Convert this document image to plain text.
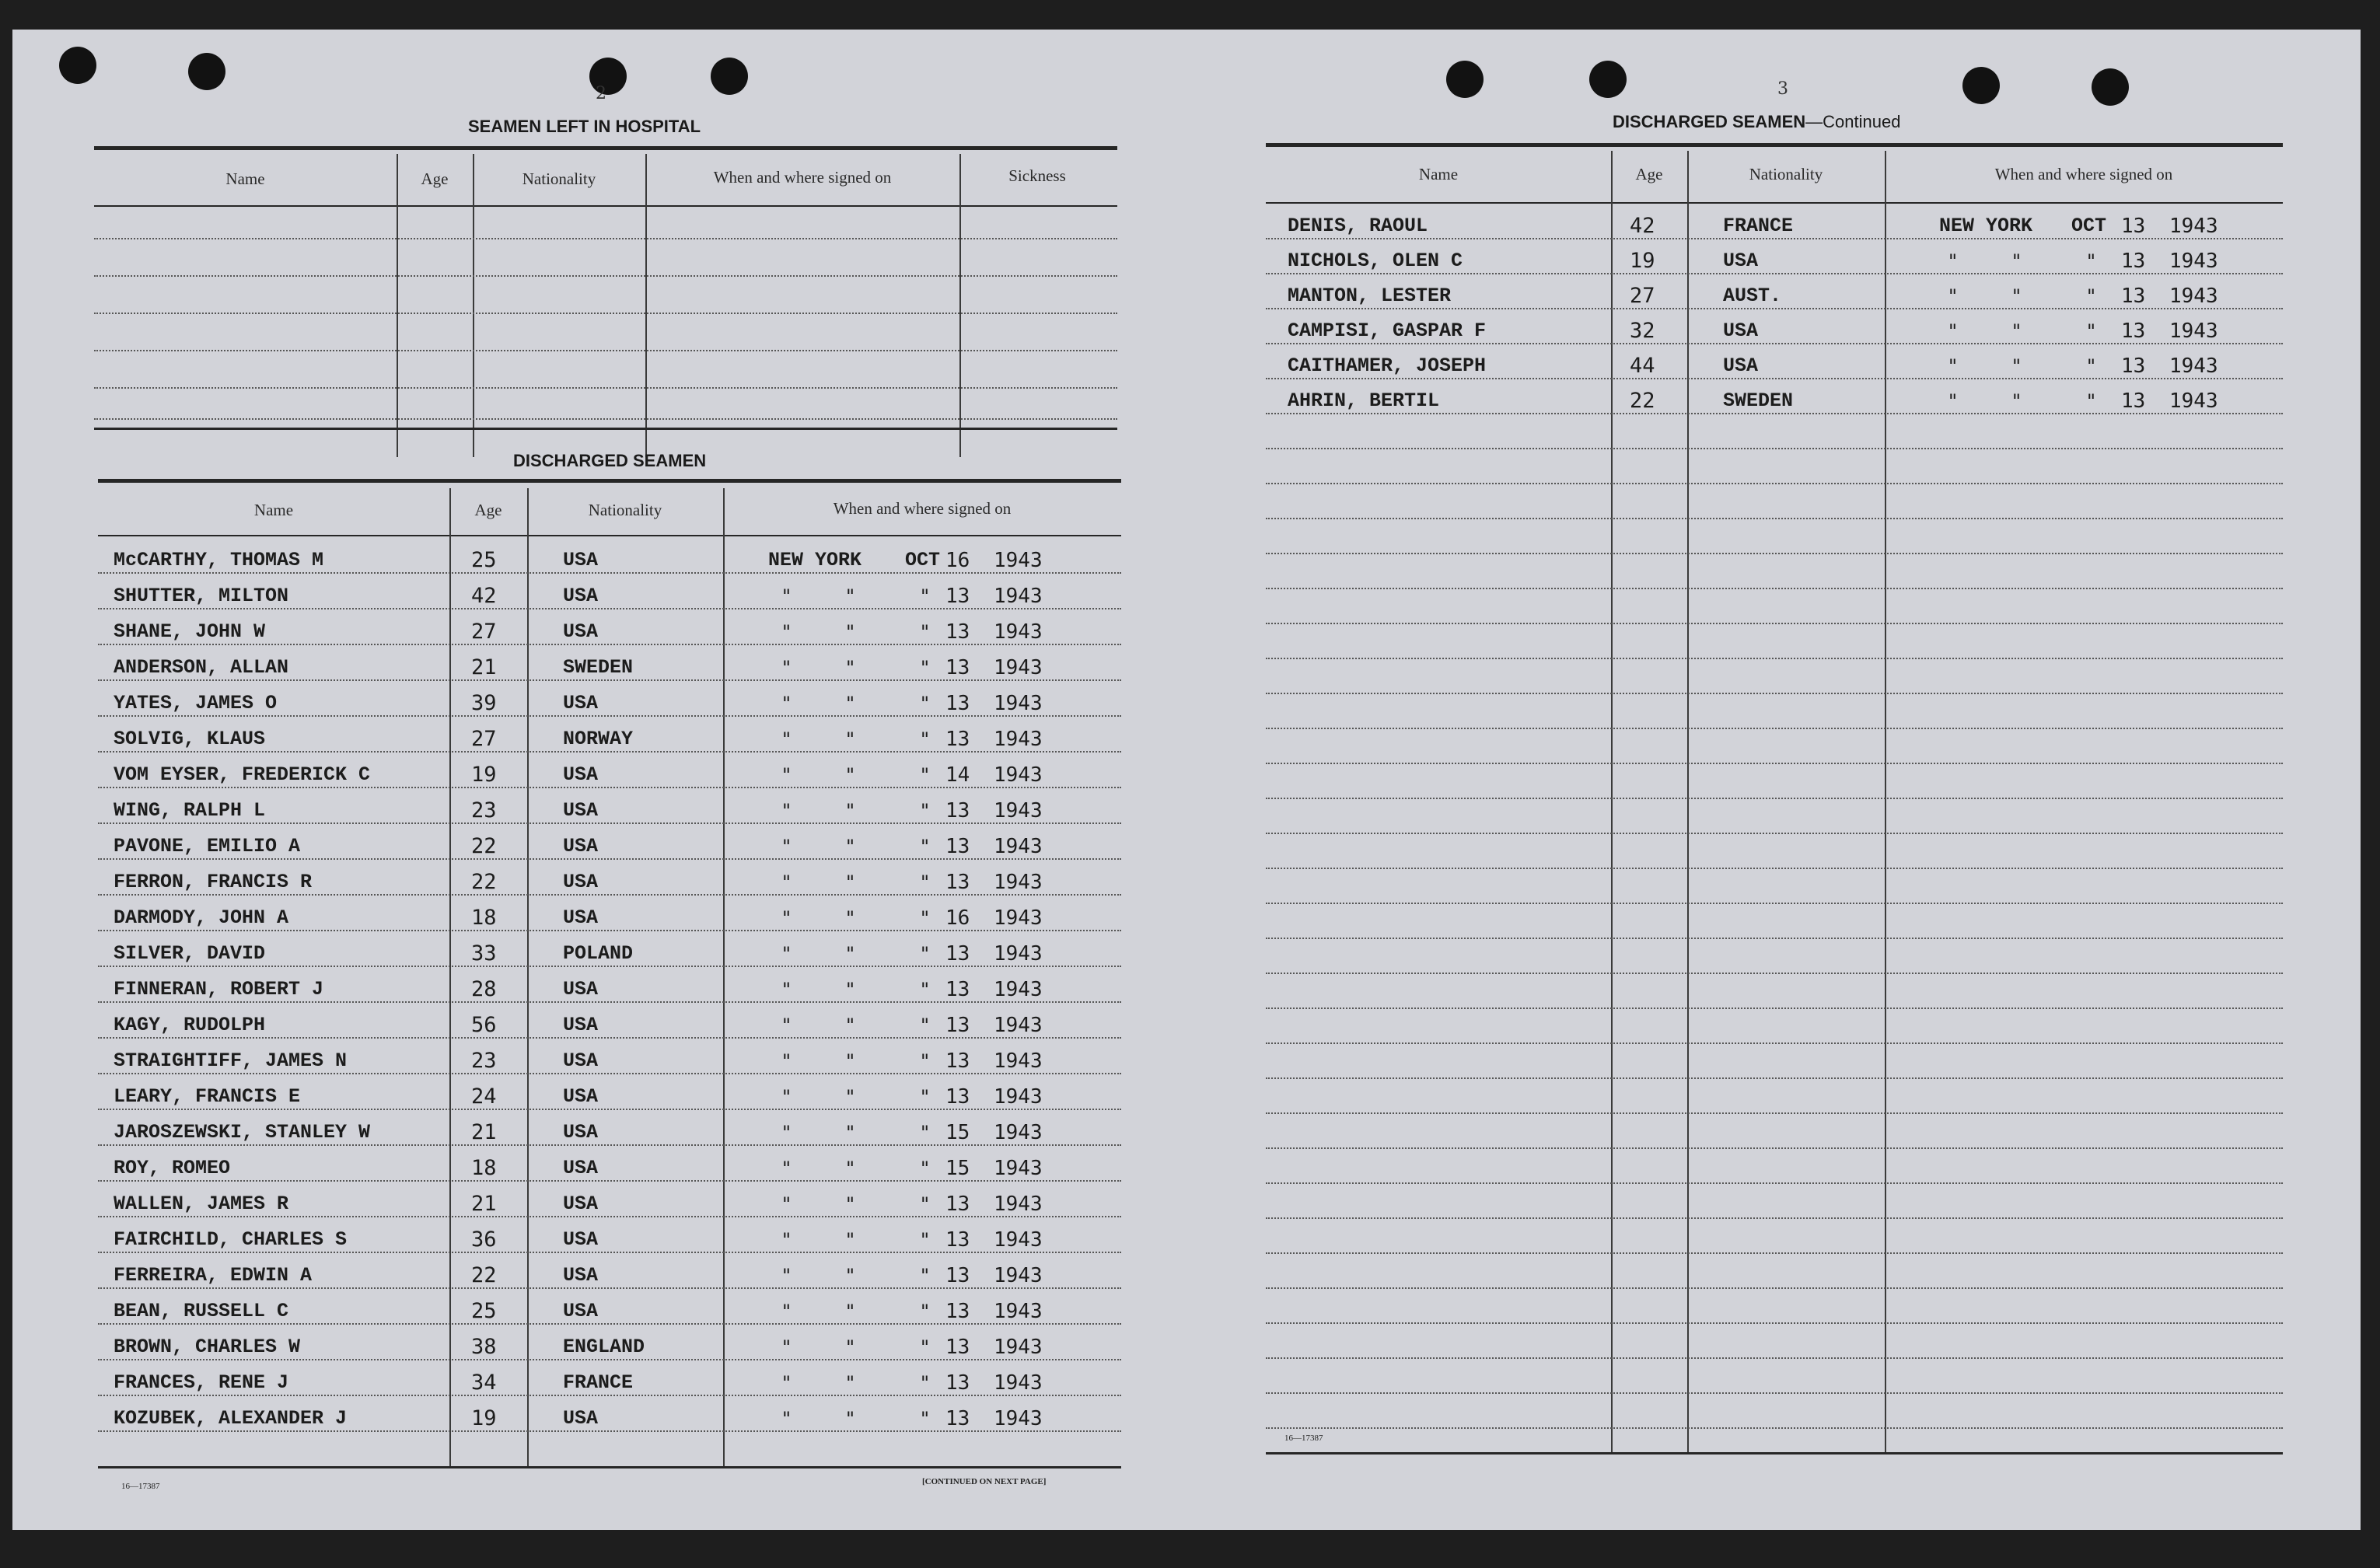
2
SEAMEN LEFT IN HOSPITAL
Name	Age	Nationality	When and where signed on	Sickness
DISCHARGED SEAMEN
Name	Age	Nationality	When and where signed on
McCARTHY, THOMAS M	25	USA	NEW YORK OCT 16 1943
SHUTTER, MILTON	42	USA	"	"	" 13 1943
SHANE, JOHN W	27	USA	"	"	" 13 1943
ANDERSON, ALLAN	21	SWEDEN	"	"	" 13 1943
YATES, JAMES O	39	USA	"	"	" 13 1943
SOLVIG, KLAUS	27	NORWAY	"	"	" 13 1943
VOM EYSER, FREDERICK C	19	USA	"	"	" 14 1943
WING, RALPH L	23	USA	"	"	" 13 1943
PAVONE, EMILIO A	22	USA	"	"	" 13 1943
FERRON, FRANCIS R	22	USA	"	"	" 13 1943
DARMODY, JOHN A	18	USA	"	"	" 16 1943
SILVER, DAVID	33	POLAND	"	"	" 13 1943
FINNERAN, ROBERT J	28	USA	"	"	" 13 1943
KAGY, RUDOLPH	56	USA	"	"	" 13 1943
STRAIGHTIFF, JAMES N	23	USA	"	"	" 13 1943
LEARY, FRANCIS E	24	USA	"	"	" 13 1943
JAROSZEWSKI, STANLEY W	21	USA	"	"	" 15 1943
ROY, ROMEO	18	USA	"	"	" 15 1943
WALLEN, JAMES R	21	USA	"	"	" 13 1943
FAIRCHILD, CHARLES S	36	USA	"	"	" 13 1943
FERREIRA, EDWIN A	22	USA	"	"	" 13 1943
BEAN, RUSSELL C	25	USA	"	"	" 13 1943
BROWN, CHARLES W	38	ENGLAND	"	"	" 13 1943
FRANCES, RENE J	34	FRANCE	"	"	" 13 1943
KOZUBEK, ALEXANDER J	19	USA	"	"	" 13 1943
16—17387	[CONTINUED ON NEXT PAGE]
3
DISCHARGED SEAMEN—Continued
Name	Age	Nationality	When and where signed on
DENIS, RAOUL	42	FRANCE	NEW YORK OCT 13 1943
NICHOLS, OLEN C	19	USA	"	"	" 13 1943
MANTON, LESTER	27	AUST.	"	"	" 13 1943
CAMPISI, GASPAR F	32	USA	"	"	" 13 1943
CAITHAMER, JOSEPH	44	USA	"	"	" 13 1943
AHRIN, BERTIL	22	SWEDEN	"	"	" 13 1943
16—17387
